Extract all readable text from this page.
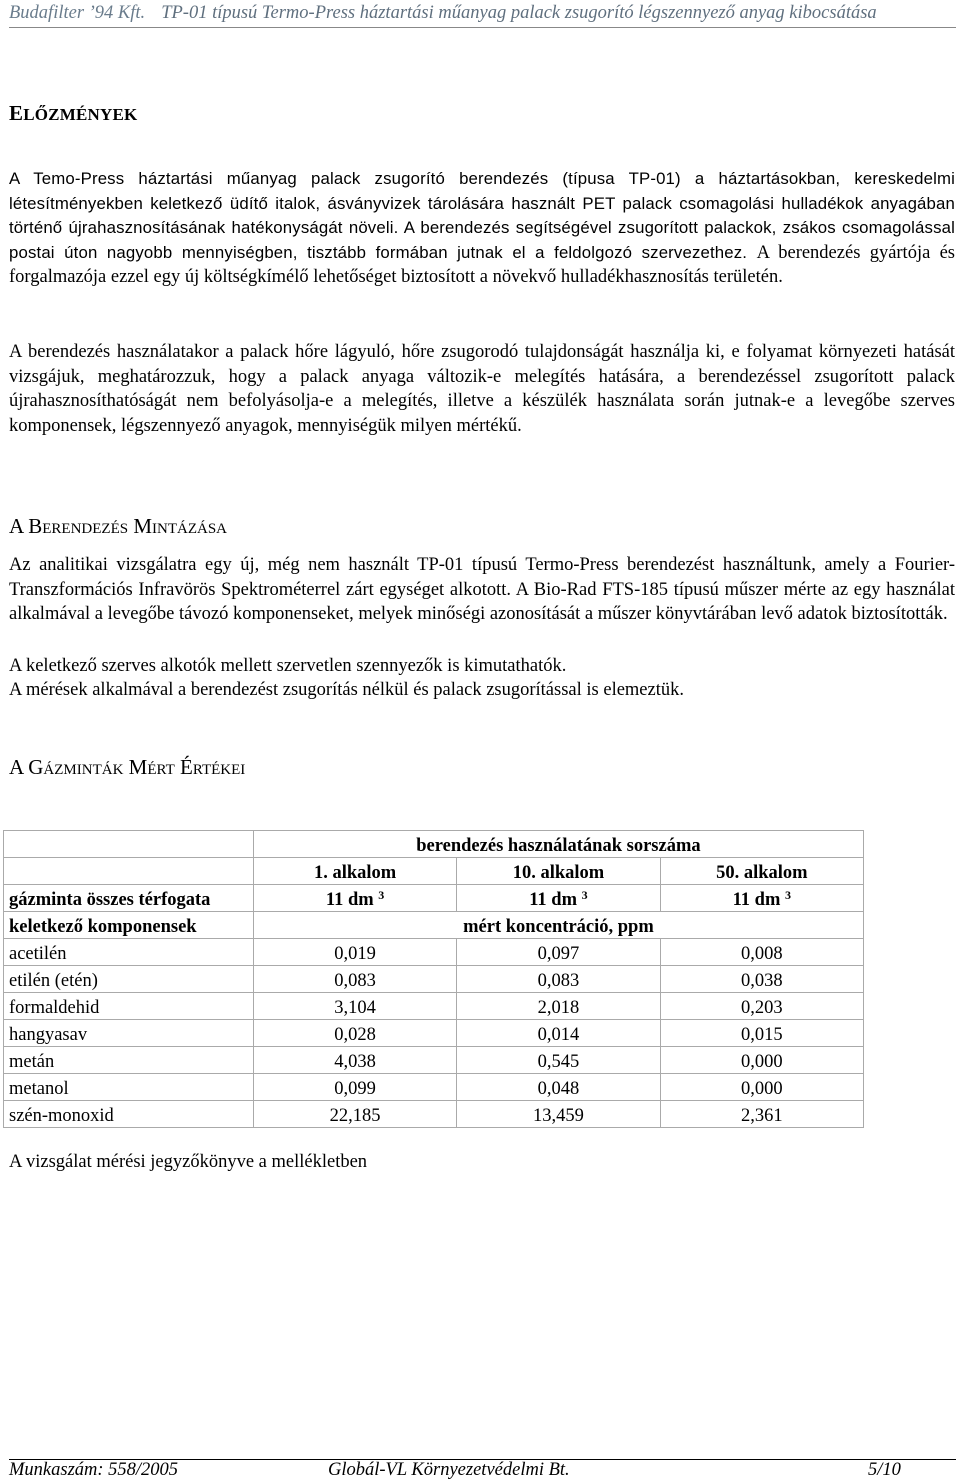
Budafilter ’94 Kft. TP-01 típusú Termo-Press háztartási műanyag palack zsugorító légszennyező anyag kibocsátása
ELŐZMÉNYEK

A Temo-Press háztartási műanyag palack zsugorító berendezés (típusa TP-01) a háztartásokban, kereskedelmi létesítményekben keletkező üdítő italok, ásványvizek tárolására használt PET palack csomagolási hulladékok anyagában történő újrahasznosításának hatékonyságát növeli. A berendezés segítségével zsugorított palackok, zsákos csomagolással postai úton nagyobb mennyiségben, tisztább formában jutnak el a feldolgozó szervezethez. A berendezés gyártója és forgalmazója ezzel egy új költségkímélő lehetőséget biztosított a növekvő hulladékhasznosítás területén.

A berendezés használatakor a palack hőre lágyuló, hőre zsugorodó tulajdonságát használja ki, e folyamat környezeti hatását vizsgájuk, meghatározzuk, hogy a palack anyaga változik-e melegítés hatására, a berendezéssel zsugorított palack újrahasznosíthatóságát nem befolyásolja-e a melegítés, illetve a készülék használata során jutnak-e a levegőbe szerves komponensek, légszennyező anyagok, mennyiségük milyen mértékű.

A Berendezés Mintázása

Az analitikai vizsgálatra egy új, még nem használt TP-01 típusú Termo-Press berendezést használtunk, amely a Fourier-Transzformációs Infravörös Spektrométerrel zárt egységet alkotott. A Bio-Rad FTS-185 típusú műszer mérte az egy használat alkalmával a levegőbe távozó komponenseket, melyek minőségi azonosítását a műszer könyvtárában levő adatok biztosították.

A keletkező szerves alkotók mellett szervetlen szennyezők is kimutathatók.

A mérések alkalmával a berendezést zsugorítás nélkül és palack zsugorítással is elemeztük.

A Gázminták Mért Értékei
	berendezés használatának sorszáma		
	1. alkalom	10. alkalom	50. alkalom
gázminta összes térfogata	11 dm $^3$	11 dm $^3$	11 dm $^3$
keletkező komponensek	mért koncentráció, ppm		
acetilén	0,019	0,097	0,008
etilén (etén)	0,083	0,083	0,038
formaldehid	3,104	2,018	0,203
hangyasav	0,028	0,014	0,015
metán	4,038	0,545	0,000
metanol	0,099	0,048	0,000
szén-monoxid	22,185	13,459	2,361

A vizsgálat mérési jegyzőkönyve a mellékletben

Munkaszám: 558/2005	Globál-VL Környezetvédelmi Bt.	5/10
